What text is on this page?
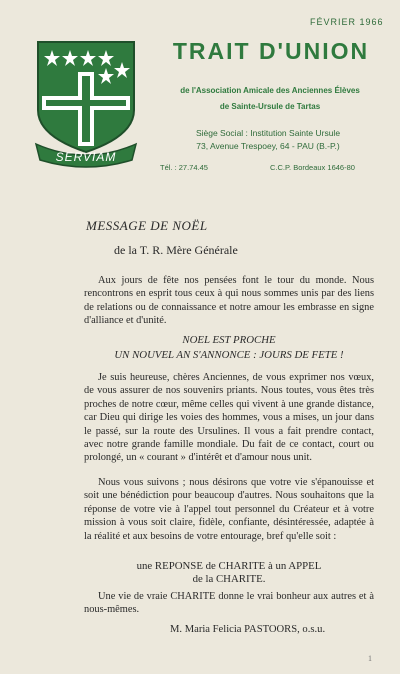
FÉVRIER 1966
SERVIAM
TRAIT D'UNION
de l'Association Amicale des Anciennes Élèves
de Sainte-Ursule de Tartas
Siège Social : Institution Sainte Ursule
73, Avenue Trespoey, 64 - PAU (B.-P.)
Tél. : 27.74.45	C.C.P. Bordeaux 1646-80
MESSAGE DE NOËL
de la T. R. Mère Générale

Aux jours de fête nos pensées font le tour du monde. Nous rencontrons en esprit tous ceux à qui nous sommes unis par des liens de relations ou de connaissance et notre amour les embrasse en signe d'alliance et d'unité.

NOEL EST PROCHE
UN NOUVEL AN S'ANNONCE : JOURS DE FETE !

Je suis heureuse, chères Anciennes, de vous exprimer nos vœux, de vous assurer de nos souvenirs priants. Nous toutes, vous êtes très proches de notre cœur, même celles qui vivent à une grande distance, car Dieu qui dirige les voies des hommes, vous a mises, un jour dans le passé, sur la route des Ursulines. Il vous a fait prendre contact, avec notre grande famille mondiale. Du fait de ce contact, court ou prolongé, un « courant » d'intérêt et d'amour nous unit.

Nous vous suivons ; nous désirons que votre vie s'épanouisse et soit une bénédiction pour beaucoup d'autres. Nous souhaitons que la réponse de votre vie à l'appel tout personnel du Créateur et à votre mission à vous soit claire, fidèle, confiante, désintéressée, adaptée à la réalité et aux besoins de votre entourage, bref qu'elle soit :

une REPONSE de CHARITE à un APPEL
de la CHARITE.

Une vie de vraie CHARITE donne le vrai bonheur aux autres et à nous-mêmes.

M. Maria Felicia PASTOORS, o.s.u.
1
